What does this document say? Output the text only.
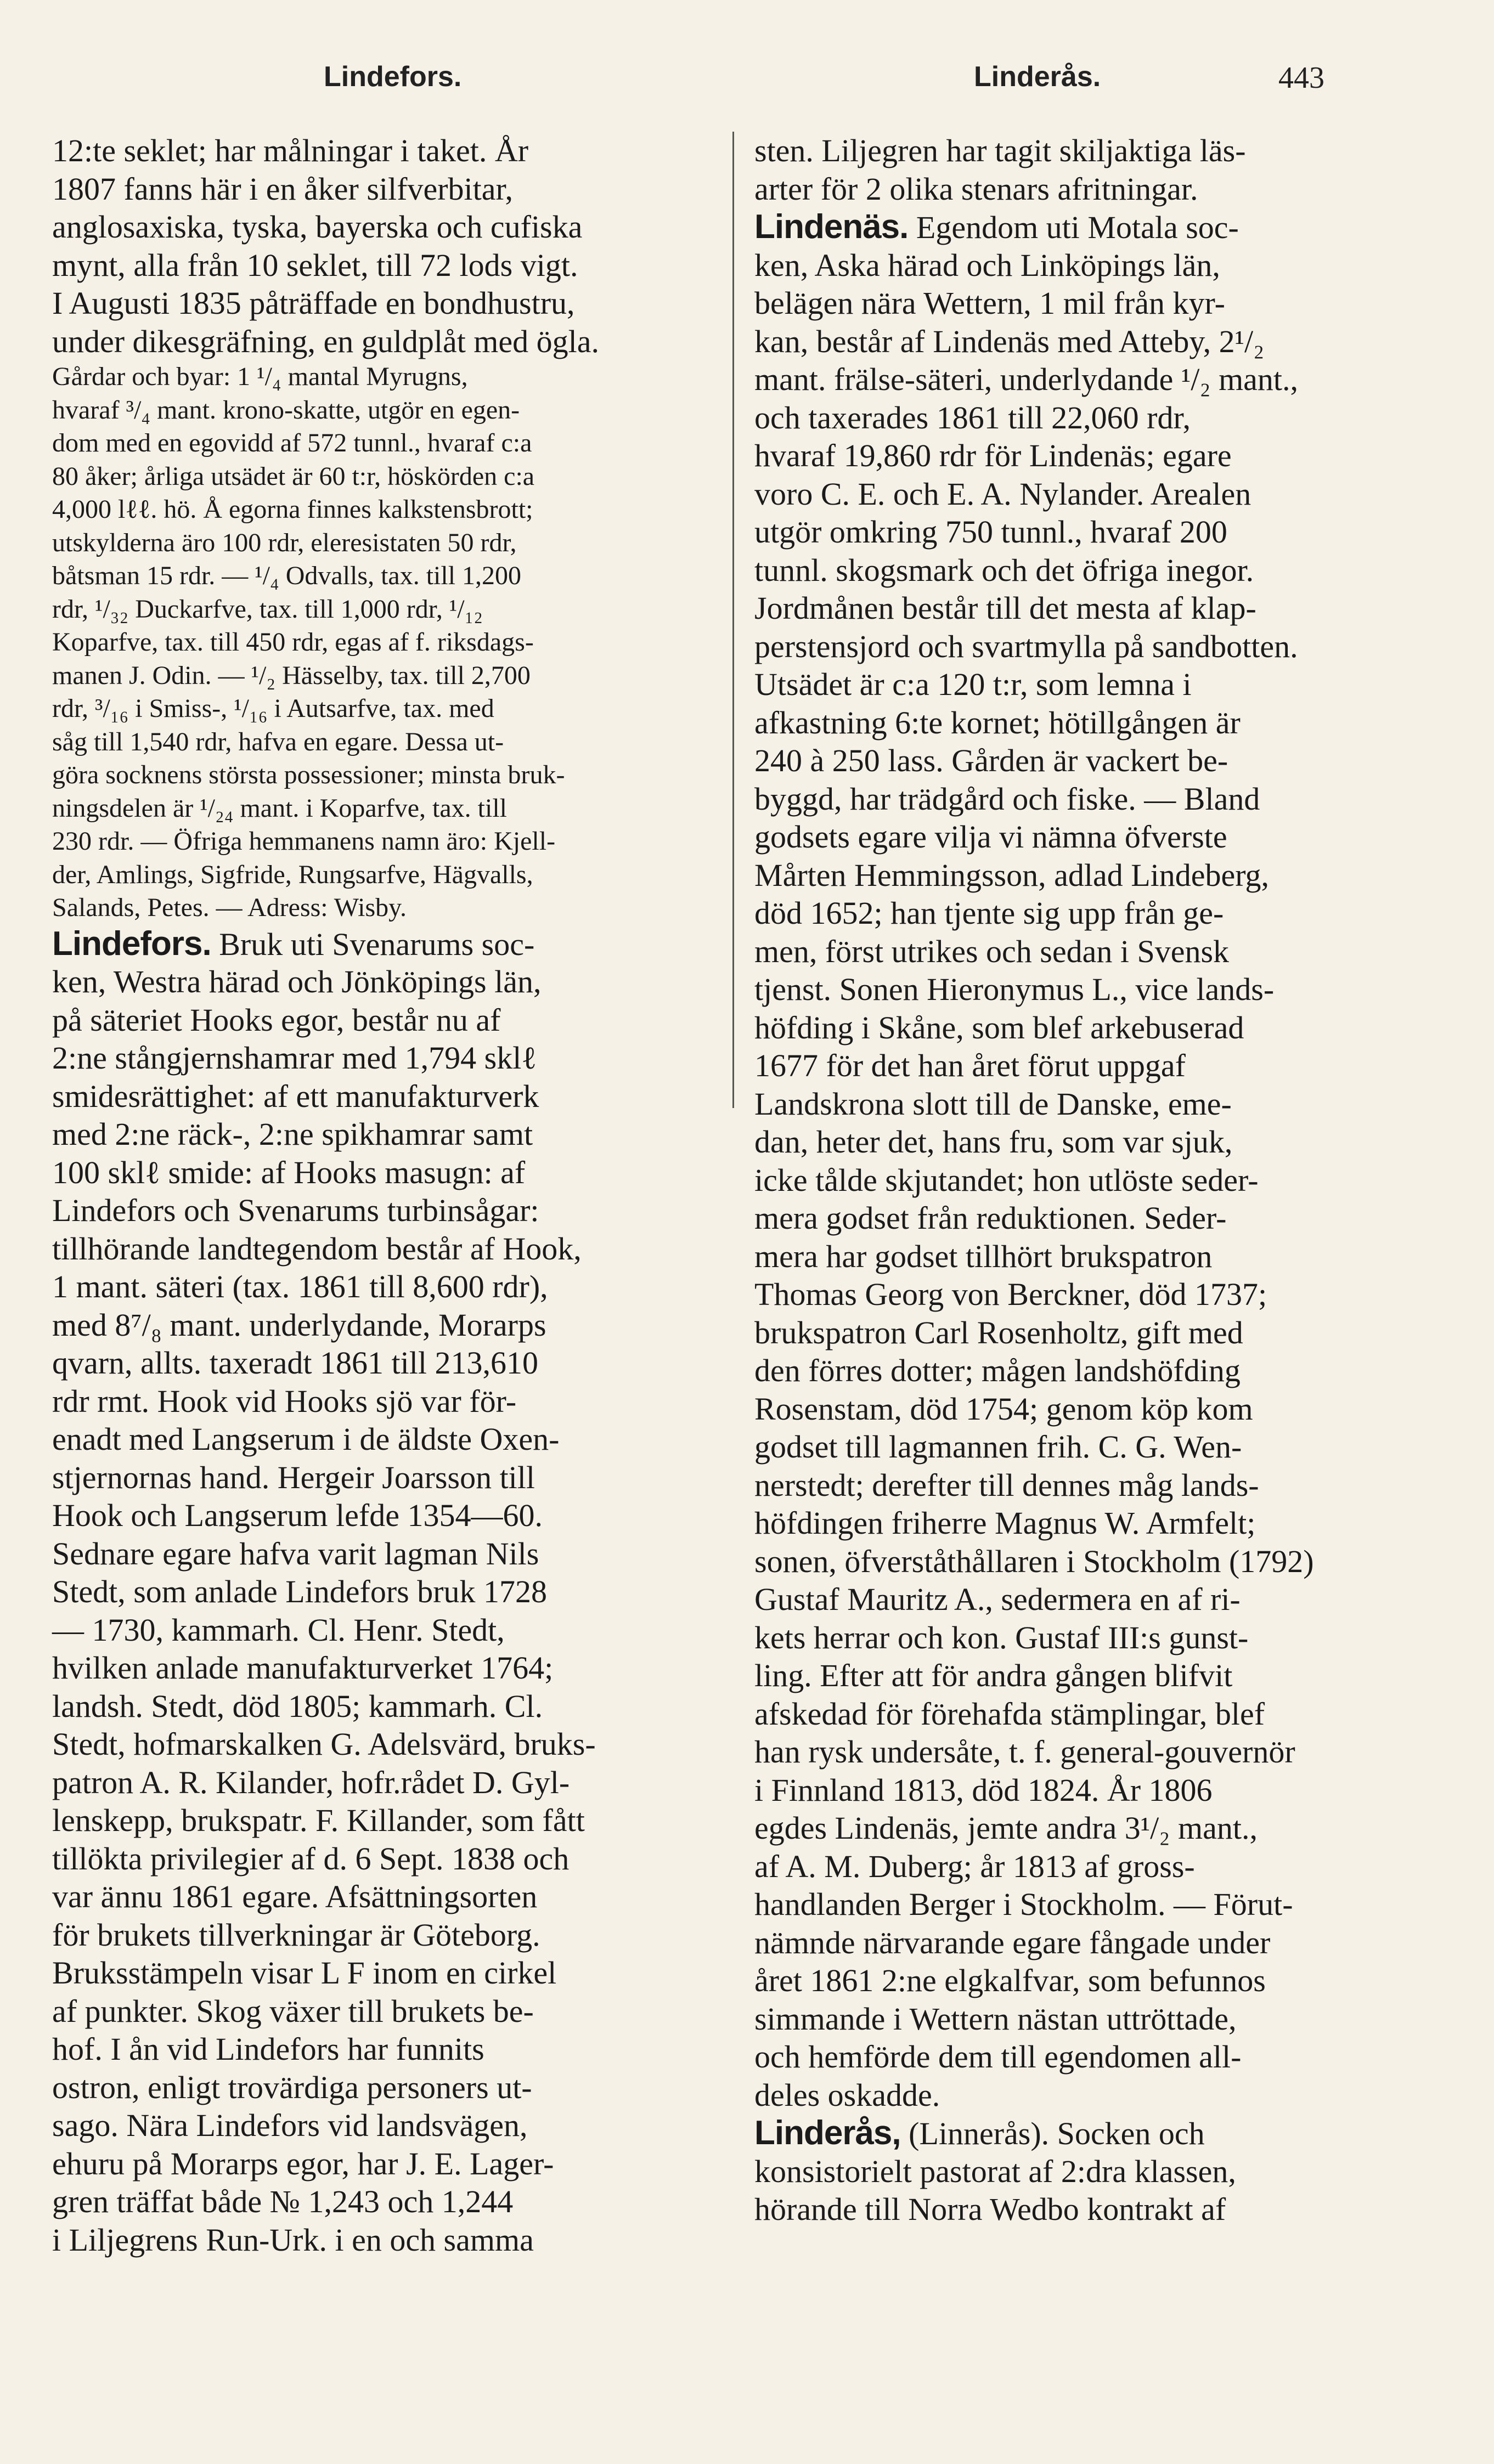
Lindefors.	Linderås.	443
12:te seklet; har målningar i taket. År
1807 fanns här i en åker silfverbitar,
anglosaxiska, tyska, bayerska och cufiska
mynt, alla från 10 seklet, till 72 lods vigt.
I Augusti 1835 påträffade en bondhustru,
under dikesgräfning, en guldplåt med ögla.
Gårdar och byar: 1 ¹/₄ mantal Myrugns,
hvaraf ³/₄ mant. krono-skatte, utgör en egen-
dom med en egovidd af 572 tunnl., hvaraf c:a
80 åker; årliga utsädet är 60 t:r, höskörden c:a
4,000 lℓℓ. hö. Å egorna finnes kalkstensbrott;
utskylderna äro 100 rdr, eleresistaten 50 rdr,
båtsman 15 rdr. — ¹/₄ Odvalls, tax. till 1,200
rdr, ¹/₃₂ Duckarfve, tax. till 1,000 rdr, ¹/₁₂
Koparfve, tax. till 450 rdr, egas af f. riksdags-
manen J. Odin. — ¹/₂ Hässelby, tax. till 2,700
rdr, ³/₁₆ i Smiss-, ¹/₁₆ i Autsarfve, tax. med
såg till 1,540 rdr, hafva en egare. Dessa ut-
göra socknens största possessioner; minsta bruk-
ningsdelen är ¹/₂₄ mant. i Koparfve, tax. till
230 rdr. — Öfriga hemmanens namn äro: Kjell-
der, Amlings, Sigfride, Rungsarfve, Hägvalls,
Salands, Petes. — Adress: Wisby.
Lindefors. Bruk uti Svenarums soc-
ken, Westra härad och Jönköpings län,
på säteriet Hooks egor, består nu af
2:ne stångjernshamrar med 1,794 sklℓ
smidesrättighet: af ett manufakturverk
med 2:ne räck-, 2:ne spikhamrar samt
100 sklℓ smide: af Hooks masugn: af
Lindefors och Svenarums turbinsågar:
tillhörande landtegendom består af Hook,
1 mant. säteri (tax. 1861 till 8,600 rdr),
med 8⁷/₈ mant. underlydande, Morarps
qvarn, allts. taxeradt 1861 till 213,610
rdr rmt. Hook vid Hooks sjö var för-
enadt med Langserum i de äldste Oxen-
stjernornas hand. Hergeir Joarsson till
Hook och Langserum lefde 1354—60.
Sednare egare hafva varit lagman Nils
Stedt, som anlade Lindefors bruk 1728
— 1730, kammarh. Cl. Henr. Stedt,
hvilken anlade manufakturverket 1764;
landsh. Stedt, död 1805; kammarh. Cl.
Stedt, hofmarskalken G. Adelsvärd, bruks-
patron A. R. Kilander, hofr.rådet D. Gyl-
lenskepp, brukspatr. F. Killander, som fått
tillökta privilegier af d. 6 Sept. 1838 och
var ännu 1861 egare. Afsättningsorten
för brukets tillverkningar är Göteborg.
Bruksstämpeln visar L F inom en cirkel
af punkter. Skog växer till brukets be-
hof. I ån vid Lindefors har funnits
ostron, enligt trovärdiga personers ut-
sago. Nära Lindefors vid landsvägen,
ehuru på Morarps egor, har J. E. Lager-
gren träffat både № 1,243 och 1,244
i Liljegrens Run-Urk. i en och samma
sten. Liljegren har tagit skiljaktiga läs-
arter för 2 olika stenars afritningar.
Lindenäs. Egendom uti Motala soc-
ken, Aska härad och Linköpings län,
belägen nära Wettern, 1 mil från kyr-
kan, består af Lindenäs med Atteby, 2¹/₂
mant. frälse-säteri, underlydande ¹/₂ mant.,
och taxerades 1861 till 22,060 rdr,
hvaraf 19,860 rdr för Lindenäs; egare
voro C. E. och E. A. Nylander. Arealen
utgör omkring 750 tunnl., hvaraf 200
tunnl. skogsmark och det öfriga inegor.
Jordmånen består till det mesta af klap-
perstensjord och svartmylla på sandbotten.
Utsädet är c:a 120 t:r, som lemna i
afkastning 6:te kornet; hötillgången är
240 à 250 lass. Gården är vackert be-
byggd, har trädgård och fiske. — Bland
godsets egare vilja vi nämna öfverste
Mårten Hemmingsson, adlad Lindeberg,
död 1652; han tjente sig upp från ge-
men, först utrikes och sedan i Svensk
tjenst. Sonen Hieronymus L., vice lands-
höfding i Skåne, som blef arkebuserad
1677 för det han året förut uppgaf
Landskrona slott till de Danske, eme-
dan, heter det, hans fru, som var sjuk,
icke tålde skjutandet; hon utlöste seder-
mera godset från reduktionen. Seder-
mera har godset tillhört brukspatron
Thomas Georg von Berckner, död 1737;
brukspatron Carl Rosenholtz, gift med
den förres dotter; mågen landshöfding
Rosenstam, död 1754; genom köp kom
godset till lagmannen frih. C. G. Wen-
nerstedt; derefter till dennes måg lands-
höfdingen friherre Magnus W. Armfelt;
sonen, öfverståthållaren i Stockholm (1792)
Gustaf Mauritz A., sedermera en af ri-
kets herrar och kon. Gustaf III:s gunst-
ling. Efter att för andra gången blifvit
afskedad för förehafda stämplingar, blef
han rysk undersåte, t. f. general-gouvernör
i Finnland 1813, död 1824. År 1806
egdes Lindenäs, jemte andra 3¹/₂ mant.,
af A. M. Duberg; år 1813 af gross-
handlanden Berger i Stockholm. — Förut-
nämnde närvarande egare fångade under
året 1861 2:ne elgkalfvar, som befunnos
simmande i Wettern nästan uttröttade,
och hemförde dem till egendomen all-
deles oskadde.
Linderås, (Linnerås). Socken och
konsistorielt pastorat af 2:dra klassen,
hörande till Norra Wedbo kontrakt af
